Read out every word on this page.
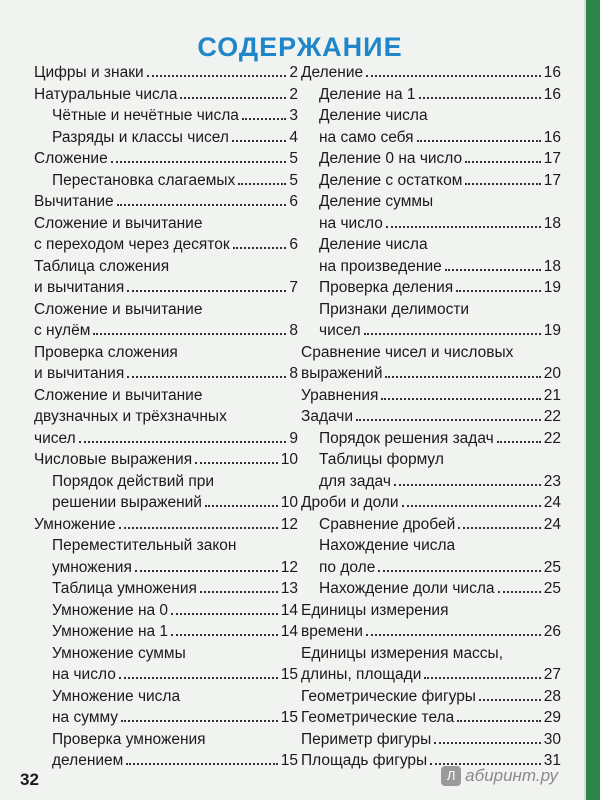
СОДЕРЖАНИЕ
Цифры и знаки	2
Натуральные числа	2
Чётные и нечётные числа	3
Разряды и классы чисел	4
Сложение	5
Перестановка слагаемых	5
Вычитание	6
Сложение и вычитание
с переходом через десяток	6
Таблица сложения
и вычитания	7
Сложение и вычитание
с нулём	8
Проверка сложения
и вычитания	8
Сложение и вычитание
двузначных и трёхзначных
чисел	9
Числовые выражения	10
Порядок действий при
решении выражений	10
Умножение	12
Переместительный закон
умножения	12
Таблица умножения	13
Умножение на 0	14
Умножение на 1	14
Умножение суммы
на число	15
Умножение числа
на сумму	15
Проверка умножения
делением	15
Деление	16
Деление на 1	16
Деление числа
на само себя	16
Деление 0 на число	17
Деление с остатком	17
Деление суммы
на число	18
Деление числа
на произведение	18
Проверка деления	19
Признаки делимости
чисел	19
Сравнение чисел и числовых
выражений	20
Уравнения	21
Задачи	22
Порядок решения задач	22
Таблицы формул
для задач	23
Дроби и доли	24
Сравнение дробей	24
Нахождение числа
по доле	25
Нахождение доли числа	25
Единицы измерения
времени	26
Единицы измерения массы,
длины, площади	27
Геометрические фигуры	28
Геометрические тела	29
Периметр фигуры	30
Площадь фигуры	31
32	Л абиринт.ру
